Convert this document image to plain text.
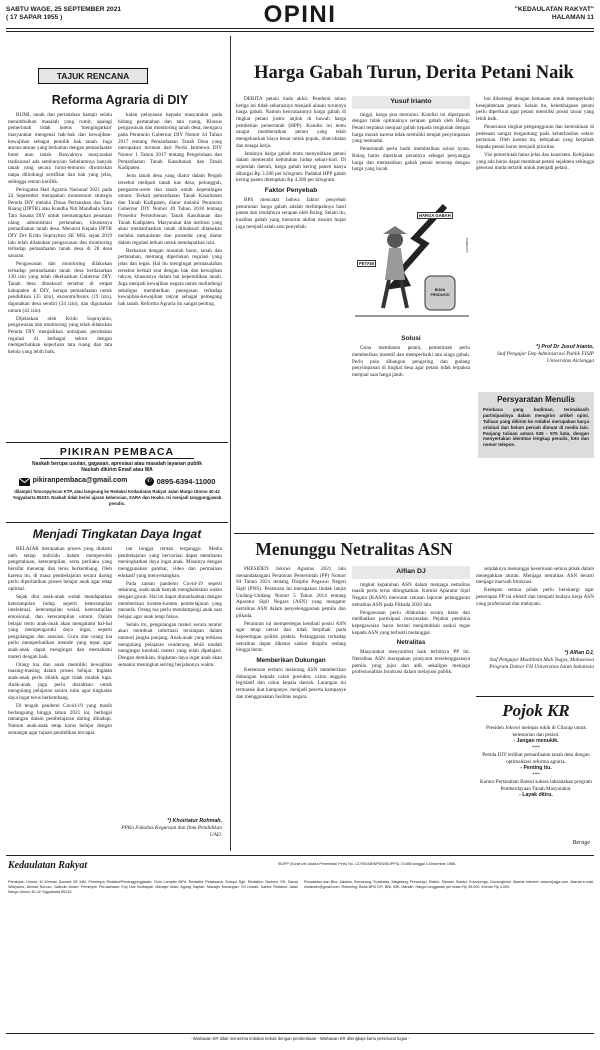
SABTU WAGE, 25 SEPTEMBER 2021
( 17 SAPAR 1955 )	OPINI	"KEDAULATAN RAKYAT"
HALAMAN 11
TAJUK RENCANA
Reforma Agraria di DIY

BUMI, tanah dan pertanahan hampir selalu menimbulkan masalah yang rumit, apalagi pemerintah tidak intens 'mengingatkan' masyarakat mengenai hak-hak dan kewajiban-kewajiban sebagai pemilik hak tanah. Juga aturan-aturan yang berkaitan dengan pemanfaatan bumi atau tanah. Banyaknya masyarakat tradisional ada sembunyian Sebelumnya banyak tanah yang secara turun-temurun diwariskan tanpa dilindungi sertifikat dan hak yang jelas, sehingga rentan konflik.

Peringatan Hari Agraria Nasional 2021 pada 24 September merupakan momentum strategis Pemda DIY melalui Dinas Pertanahan dan Tata Ruang (DPTR) atau Kundha Niti Mandhala Sarta Tata Sasana DIY untuk memantapkan penataan ulang administrasi pertanahan, khususnya pemanfaatan tanah desa. Menurut Kepala DPTR DIY Drs Krido Suprayitno SE MSi, sejak 2019 lalu telah dilakukan pengawasan dan monitoring terhadap pemanfaatan tanah desa di 28 desa sasaran.

Pengawasan dan monitoring dilakukan terhadap pemanfaatan tanah desa berdasarkan 130 izin yang telah dikeluarkan Gubernur DIY. Tanah desa dimaksud tersebar di empat kabupaten di DIY, berupa pemanfaatan untuk pendidikan (35 izin), ekonomi/bisnis (19 izin), digunakan desa sendiri (34 izin), dan digunakan umum (42 izin).

Dijelaskan oleh Krido Suprayanto, pengawasan dan monitoring yang telah dilakukan Pemda DIY menjadikan antisipasi perubahan regulasi di berbagai sektor dengan memperhatikan keperluan tata ruang dan tata kelola yang lebih baik.

kalan pelayanan kepada masyarakat pada bidang pertanahan dan tata ruang. Khusus pengawasan dan monitoring tanah desa, mengacu pada Peraturan Gubernur DIY Nomor 34 Tahun 2017 tentang Pemanfaatan Tanah Desa yang merupakan turunan dari Perda Istimewa DIY Nomor 1 Tahun 2017 tentang Pengelolaan dan Pemanfaatan Tanah Kasultanan dan Tanah Kadipaten.

Jenis tanah desa yang diatur dalam Pergub tersebut meliputi tanah kas desa, pelungguh, pengarem-arem dan tanah untuk kepentingan umum. Terkait pemanfaatan Tanah Kasultanan dan Tanah Kadipaten, diatur melalui Peraturan Gubernur DIY Nomor 49 Tahun 2018 tentang Prosedur Permohonan Tanah Kasultanan dan Tanah Kadipaten. Masyarakat dan institusi yang akan memanfaatkan tanah dimaksud dilakukan melalui mekanisme dan prosedur yang diatur dalam regulasi terkait untuk mendapatkan izin.

Berkaitan dengan masalah bumi, tanah dan pertanahan, memang diperlukan regulasi yang jelas dan tegas. Hal itu mengingat permasalahan tersebut berkait erat dengan hak dan kewajiban rakyat, khususnya dalam hal kepemilikan tanah. Juga menjadi kewajiban negara untuk melindungi sekaligus memberikan penegasan terhadap kewajiban-kewajiban rakyat sebagai pemegang hak tanah. Reforma Agraria itu sangat penting.

PIKIRAN PEMBACA
Naskah berupa usulan, gagasan, apresiasi atau masalah layanan publik
Naskah dikirim Email atau WA
pikiranpembaca@gmail.com	✆ 0895-6394-11000
dilampiri fotocopy/scan KTP, atau langsung ke Redaksi Kedaulatan Rakyat Jalan Margo Utomo 40-42 Yogyakarta 55233. Naskah tidak berisi ujaran kebencian, SARA dan Hoaks. Isi menjadi tanggungjawab penulis.
Menjadi Tingkatan Daya Ingat

BELAJAR merupakan proses yang dialami oleh setiap individu dalam memperoleh pengetahuan, keterampilan, serta perilaku yang bersifat menetap dan terus berkembang. Oleh karena itu, di masa pembelajaran secara daring perlu diperhatikan proses belajar anak agar tetap optimal.

Sejak dini anak-anak sudah mendapatkan keterampilan hidup seperti keterampilan intelektual, keterampilan sosial, keterampilan emosional, dan keterampilan umum. Dalam belajar tentu anak-anak akan mengalami hal-hal yang mempengaruhi daya ingat, seperti pengulangan dan asosiasi. Guru dan orang tua perlu memperhatikan metode yang tepat agar anak-anak dapat mengingat dan memahami materi dengan baik.

Orang tua dan anak memiliki kewajiban masing-masing dalam proses belajar. Ingatan anak-anak perlu dilatih agar tidak mudah lupa. Anak-anak juga perlu diarahkan untuk mengulang pelajaran secara rutin agar tingkatan daya ingat terus berkembang.

Di tengah pandemi Covid-19 yang masih berlangsung hingga tahun 2021 ini, berbagai tantangan dalam pembelajaran daring dihadapi. Namun anak-anak tetap harus belajar dengan semangat agar tujuan pendidikan tercapai.

tan hingga rentan terganggu. Media pembelajaran yang bervariasi dapat membantu meningkatkan daya ingat anak. Misalnya dengan menggunakan gambar, video dan permainan edukatif yang menyenangkan.

Pada zaman pandemi Covid-19 seperti sekarang, anak-anak banyak menghabiskan waktu dengan gawai. Hal ini dapat dimanfaatkan dengan memberikan konten-konten pembelajaran yang menarik. Orang tua perlu mendampingi anak saat belajar agar anak tetap fokus.

Selain itu, pengulangan materi secara teratur akan membuat informasi tersimpan dalam memori jangka panjang. Anak-anak yang terbiasa mengulang pelajaran cenderung lebih mudah mengingat kembali materi yang telah dipelajari. Dengan demikian, tingkatan daya ingat anak akan semakin meningkat seiring berjalannya waktu.

*) Khoiriatur Rohmah,
PPKn Fakultas Keguruan dan Ilmu Pendidikan UAD.
Harga Gabah Turun, Derita Petani Naik

DERITA petani tiada akhir. Pendemi tahun ketiga ini tidak seharusnya menjadi alasan turunnya harga gabah. Namun kenyataannya harga gabah di tingkat petani justru anjlok di bawah harga pembelian pemerintah (HPP). Kondisi ini tentu sangat memberatkan petani yang telah mengeluarkan biaya besar untuk pupuk, obat-obatan dan tenaga kerja.

Jatuhnya harga gabah tentu menyulitkan petani dalam memenuhi kebutuhan hidup sehari-hari. Di sejumlah daerah, harga gabah kering panen hanya dihargai Rp 3.500 per kilogram. Padahal HPP gabah kering panen ditetapkan Rp 4.200 per kilogram.

Faktor Penyebab

BPS mencatat bahwa faktor penyebab penurunan harga gabah adalah melimpahnya hasil panen dan rendahnya serapan oleh Bulog. Selain itu, kualitas gabah yang menurun akibat musim hujan juga menjadi salah satu penyebab.

Yusuf Irianto

tinggi, harga pun menurun. Kondisi ini diperparah dengan tidak optimalnya serapan gabah oleh Bulog. Petani terpaksa menjual gabah kepada tengkulak dengan harga murah karena tidak memiliki tempat penyimpanan yang memadai.

Pemerintah perlu hadir memberikan solusi nyata. Bulog harus diperkuat perannya sebagai penyangga harga dan memastikan gabah petani terserap dengan harga yang layak.

HARGA GABAH
PETANI
BIAYA PRODUKSI
PARIDOX
Solusi

Guna membantu petani, pemerintah perlu memberikan insentif dan memperbaiki tata niaga gabah. Perlu pula dibangun pengering dan gudang penyimpanan di tingkat desa agar petani tidak terpaksa menjual saat harga jatuh.

bui dibarengi dengan kemauan untuk memperbaiki kesejahteraan petani. Selain itu, kelembagaan petani perlu diperkuat agar petani memiliki posisi tawar yang lebih baik.

Penurunan tingkat pengangguran dan kemiskinan di pedesaan sangat bergantung pada keberhasilan sektor pertanian. Oleh karena itu, kebijakan yang berpihak kepada petani harus menjadi prioritas.

Visi pemerintah harus jelas dan konsisten. Kebijakan yang ada harus dapat membuat petani sejahtera sehingga generasi muda tertarik untuk menjadi petani.

*) Prof Dr Jusuf Irianto,
Staf Pengajar Dep Administrasi Publik FISIP Universitas Airlangga
Persyaratan Menulis
Pembaca yang budiman, terimakasih partisipasinya dalam mengirim artikel opini. Tulisan yang dikirim ke redaksi merupakan karya orisinal dan belum pernah dimuat di media lain. Panjang tulisan antara 535 - 575 kata, dengan menyertakan identitas lengkap penulis, foto dan nomor telepon.
Menunggu Netralitas ASN

PRESIDEN Jokowi Agustus 2021 lalu menandatangani Peraturan Pemerintah (PP) Nomor 94 Tahun 2021 tentang Disiplin Pegawai Negeri Sipil (PNS). Peraturan ini merupakan tindak lanjut Undang-Undang Nomor 5 Tahun 2014 tentang Aparatur Sipil Negara (ASN) yang mengatur netralitas ASN dalam penyelenggaraan pemilu dan pilkada.

Peraturan ini mempertegas kembali posisi ASN agar tetap netral dan tidak berpihak pada kepentingan politik praktis. Pelanggaran terhadap netralitas dapat dikenai sanksi disiplin sedang hingga berat.

Memberikan Dukungan

Ketentuan terbaru melarang ASN memberikan dukungan kepada calon presiden, calon anggota legislatif dan calon kepala daerah. Larangan ini termasuk ikut kampanye, menjadi peserta kampanye dan menggunakan fasilitas negara.

Alfian DJ

tingkat kepatuhan ASN dalam menjaga netralitas masih perlu terus ditingkatkan. Komisi Aparatur Sipil Negara (KASN) mencatat ratusan laporan pelanggaran netralitas ASN pada Pilkada 2020 lalu.

Pengawasan perlu dilakukan secara ketat dan melibatkan partisipasi masyarakat. Pejabat pembina kepegawaian harus berani menjatuhkan sanksi tegas kepada ASN yang terbukti melanggar.

Netralitas

Masyarakat menyambut baik terbitnya PP ini. Netralitas ASN merupakan prasyarat terselenggaranya pemilu yang jujur dan adil, sekaligus menjaga profesionalitas birokrasi dalam melayani publik.

setidaknya menunggu keseriusan semua pihak dalam menegakkan aturan. Menjaga netralitas ASN berarti menjaga marwah birokrasi.

Kedepan semua pihak perlu bersinergi agar penerapan PP ini efektif dan menjadi budaya kerja ASN yang profesional dan melayani.

*) Alfian DJ,
Staf Pengajar Muallimin Muh Yogya, Mahasiswa Program Doktor FH Universitas Islam Indonesia
Pojok KR
Presiden Jokowi melepas tukik di Cilacap untuk kelestarian dan pesisir.
- Jangan menukik.
***
Pemda DIY terlibat pemanfaatan tanah desa dengan optimalisasi reforma agraria.
- Penting itu.
***
Kantor Pertanahan Bantul sukses laksanakan program Pemberdayaan Tanah Masyarakat.
- Layak ditiru.
Berage
Kedaulatan Rakyat	SIUPP (Surat Izin Usaha Penerbitan Pers) No. 127/SK/MENPEN/SIUPP/A.7/1986 tanggal 4 Desember 1986.
Pemimpin Umum: M Wirman Sumadi SE MM. Pemimpin Redaksi/Penanggungjawab: Octo Lampito MPd. Redaktur Pelaksana: Sutopo Sgh. Redaktur: Hudono SH, Danar Widiyanto, Ahmad Suroso, Saifudin Anam. Pemimpin Perusahaan: Eny Dwi Nurhayati. Manajer Iklan: Agung Saptari. Manajer Keuangan: Sri Lestari. Kantor Redaksi: Jalan Margo Utomo 40-42 Yogyakarta 55233.
Perwakilan dan Biro: Jakarta, Semarang, Surakarta, Magelang, Purworejo, Klaten, Sleman, Bantul, Kulonprogo, Gunungkidul. Alamat Internet: www.krjogja.com. Alamat e-mail: redaksikr@gmail.com. Rekening: Bank BPD DIY, BNI, BRI, Mandiri. Harga Langganan per bulan Rp 95.000. Eceran Rp 4.000.
- Wartawan KR tidak menerima imbalan terkait dengan pemberitaan - Wartawan KR dilengkapi kartu pers/surat tugas -
